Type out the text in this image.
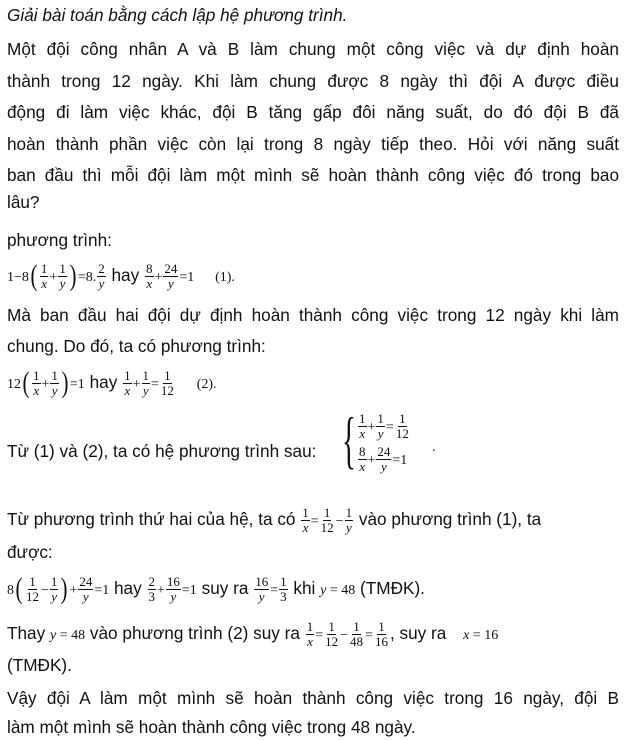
Giải bài toán bằng cách lập hệ phương trình.
Một đội công nhân A và B làm chung một công việc và dự định hoàn
thành trong 12 ngày. Khi làm chung được 8 ngày thì đội A được điều
động đi làm việc khác, đội B tăng gấp đôi năng suất, do đó đội B đã
hoàn thành phần việc còn lại trong 8 ngày tiếp theo. Hỏi với năng suất
ban đầu thì mỗi đội làm một mình sẽ hoàn thành công việc đó trong bao
lâu?
phương trình:
$1-8( \frac{1}{x} + \frac{1}{y}$ ) =8. $\frac{2}{y}$ hay $\frac{8}{x} + \frac{24}{y} =1$ (1).
Mà ban đầu hai đội dự định hoàn thành công việc trong 12 ngày khi làm
chung. Do đó, ta có phương trình:
$12( \frac{1}{x} + \frac{1}{y}$ ) =1 hay $\frac{1}{x} + \frac{1}{y} = \frac{1}{12} (2)$.
Từ (1) và (2), ta có hệ phương trình sau: { $\frac{1}{x} + \frac{1}{y} = \frac{1}{12}$
$\frac{8}{x} + \frac{24}{y} =1$
.
Từ phương trình thứ hai của hệ, ta có $\frac{1}{x} = \frac{1}{12} - \frac{1}{y}$ vào phương trình (1), ta
được:
$8( \frac{1}{12} - \frac{1}{y}$ ) + $\frac{24}{y} =1$ hay $\frac{2}{3} + \frac{16}{y} =1$ suy ra $\frac{16}{y} = \frac{1}{3}$ khi y = 48 (TMĐK).
Thay y = 48 vào phương trình (2) suy ra $\frac{1}{x} = \frac{1}{12} - \frac{1}{48} = \frac{1}{16}$ , suy ra x = 16
(TMĐK).
Vậy đội A làm một mình sẽ hoàn thành công việc trong 16 ngày, đội B
làm một mình sẽ hoàn thành công việc trong 48 ngày.
